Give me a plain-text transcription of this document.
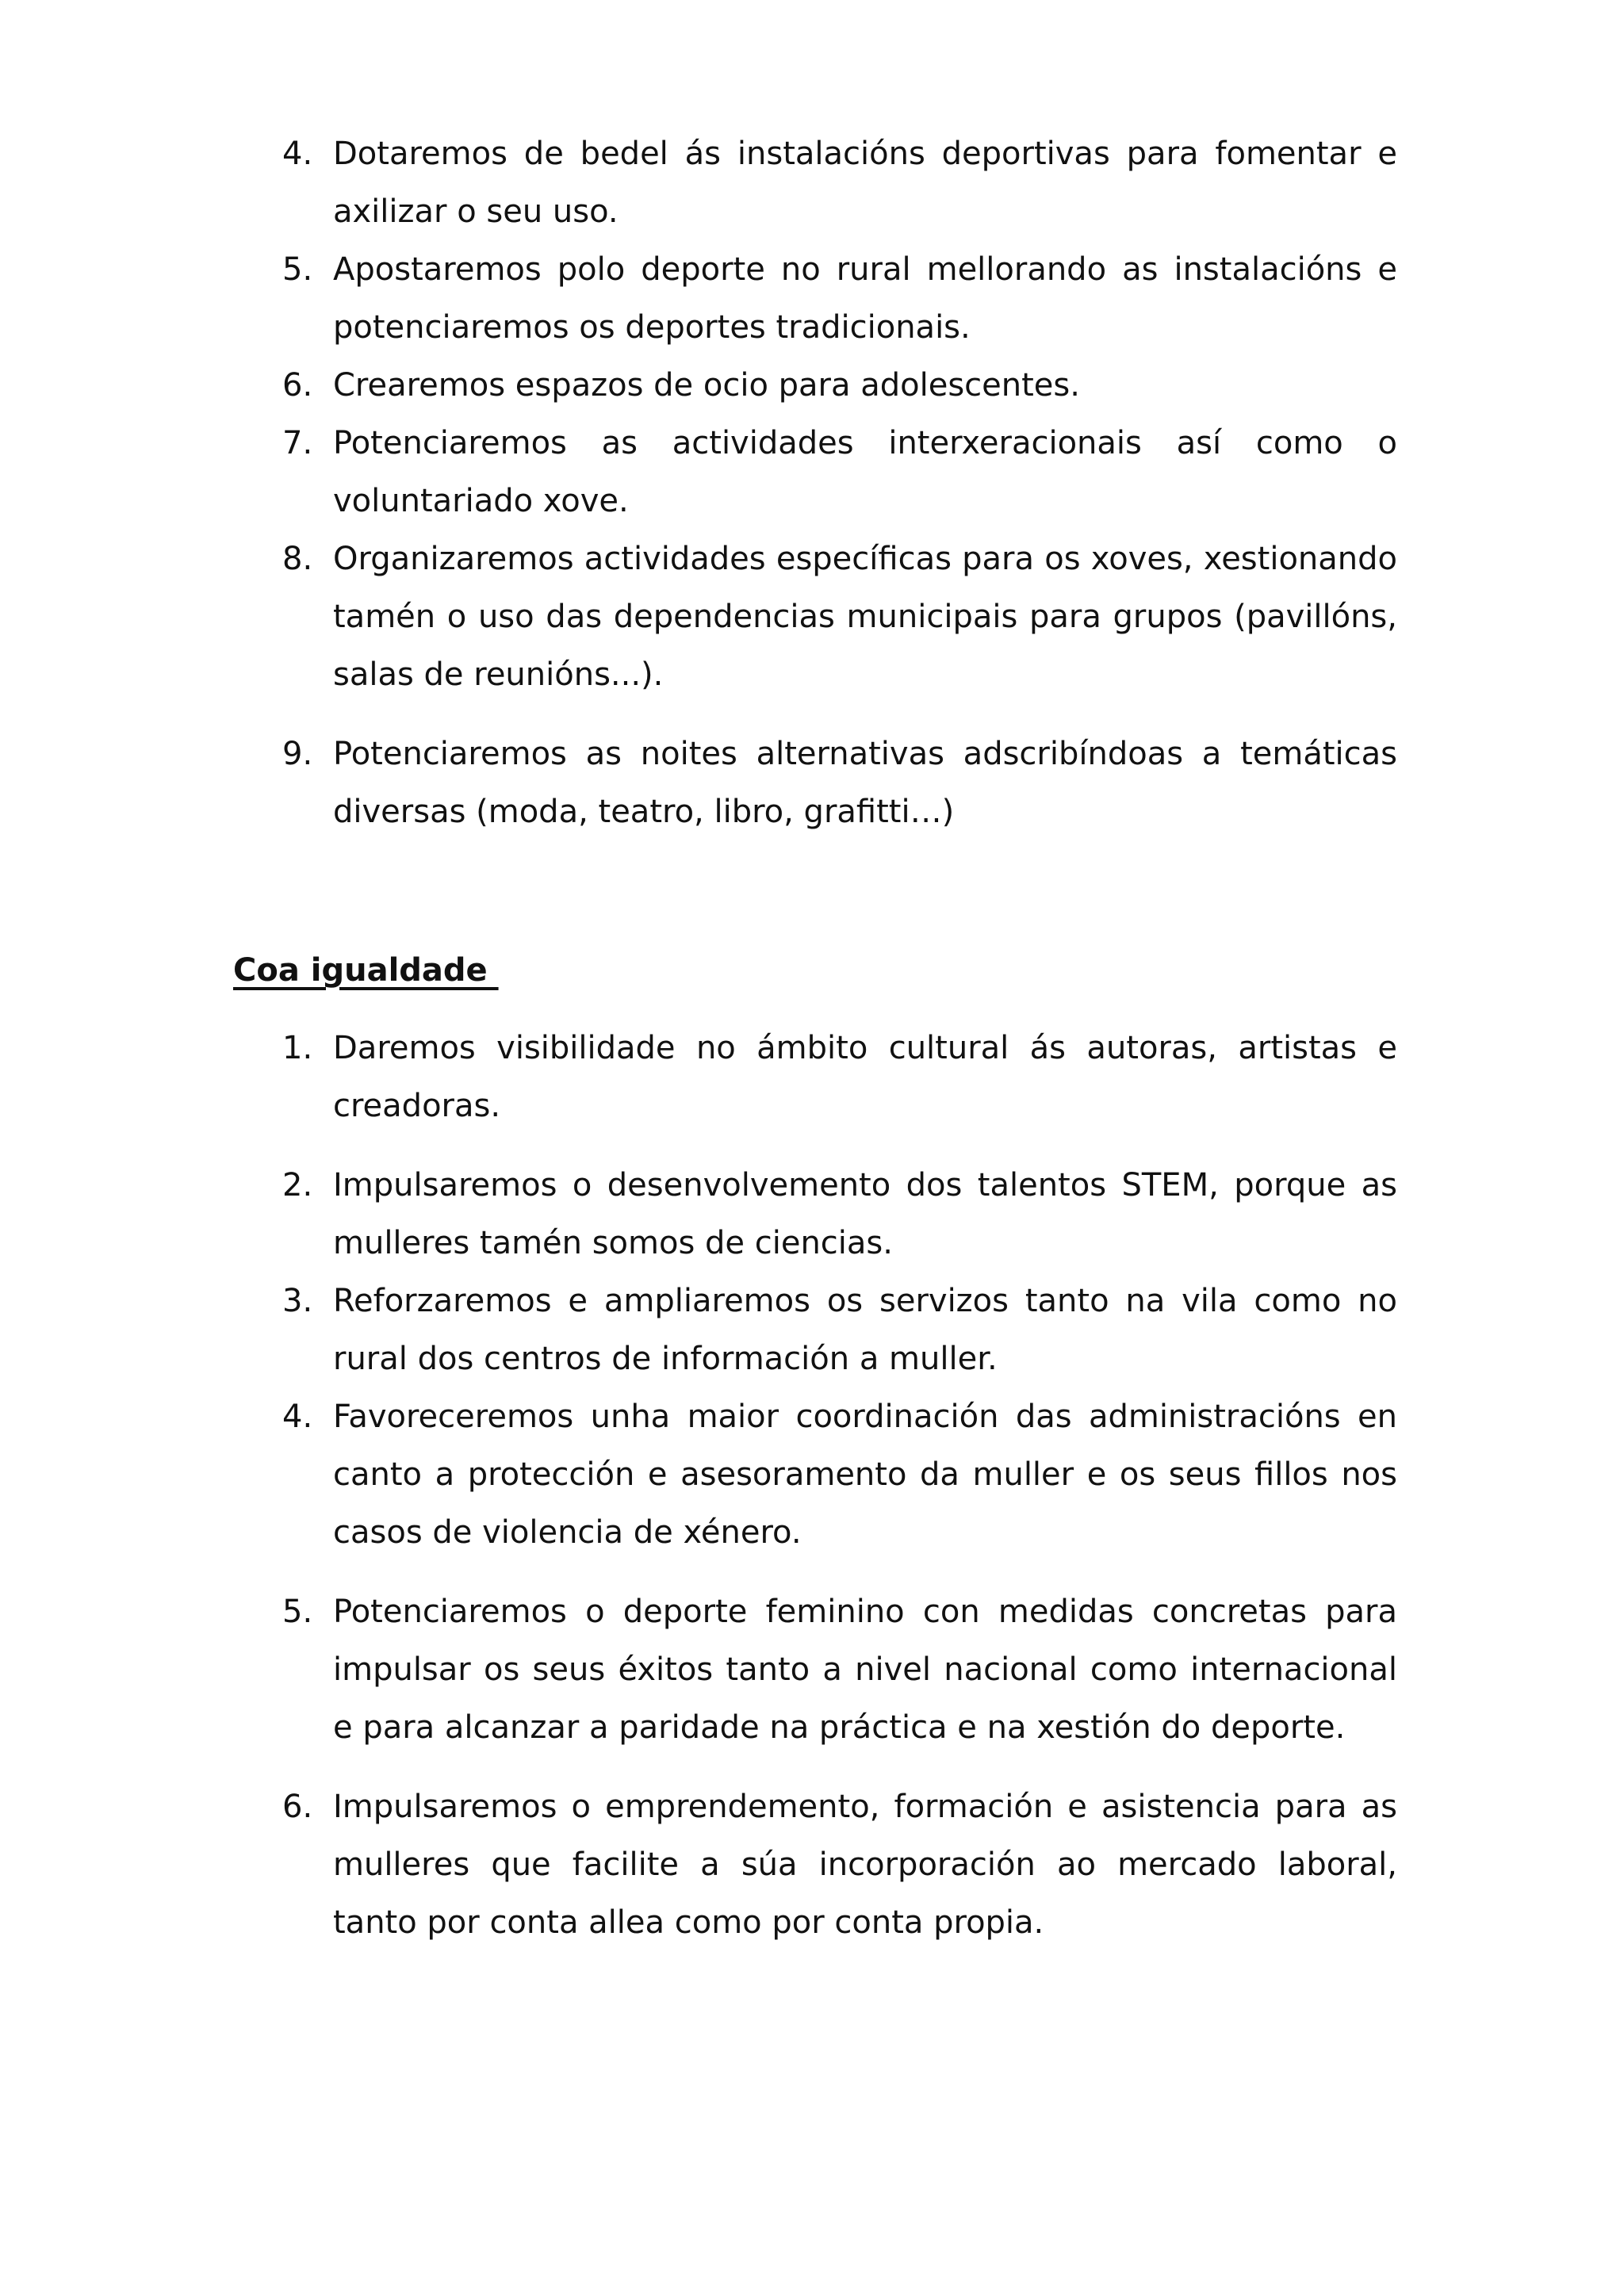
4. Dotaremos de bedel ás instalacións deportivas para fomentar e axilizar o seu uso.
5. Apostaremos polo deporte no rural mellorando as instalacións e potenciaremos os deportes tradicionais.
6. Crearemos espazos de ocio para adolescentes.
7. Potenciaremos as actividades interxeracionais así como o voluntariado xove.
8. Organizaremos actividades específicas para os xoves, xestionando tamén o uso das dependencias municipais para grupos (pavillóns, salas de reunións...).
9. Potenciaremos as noites alternativas adscribíndoas a temáticas diversas (moda, teatro, libro, grafitti…)
Coa igualdade
1. Daremos visibilidade no ámbito cultural ás autoras, artistas e creadoras.
2. Impulsaremos o desenvolvemento dos talentos STEM, porque as mulleres tamén somos de ciencias.
3. Reforzaremos e ampliaremos os servizos tanto na vila como no rural dos centros de información a muller.
4. Favoreceremos unha maior coordinación das administracións en canto a protección e asesoramento da muller e os seus fillos nos casos de violencia de xénero.
5. Potenciaremos o deporte feminino con medidas concretas para impulsar os seus éxitos tanto a nivel nacional como internacional e para alcanzar a paridade na práctica e na xestión do deporte.
6. Impulsaremos o emprendemento, formación e asistencia para as mulleres que facilite a súa incorporación ao mercado laboral, tanto por conta allea como por conta propia.
